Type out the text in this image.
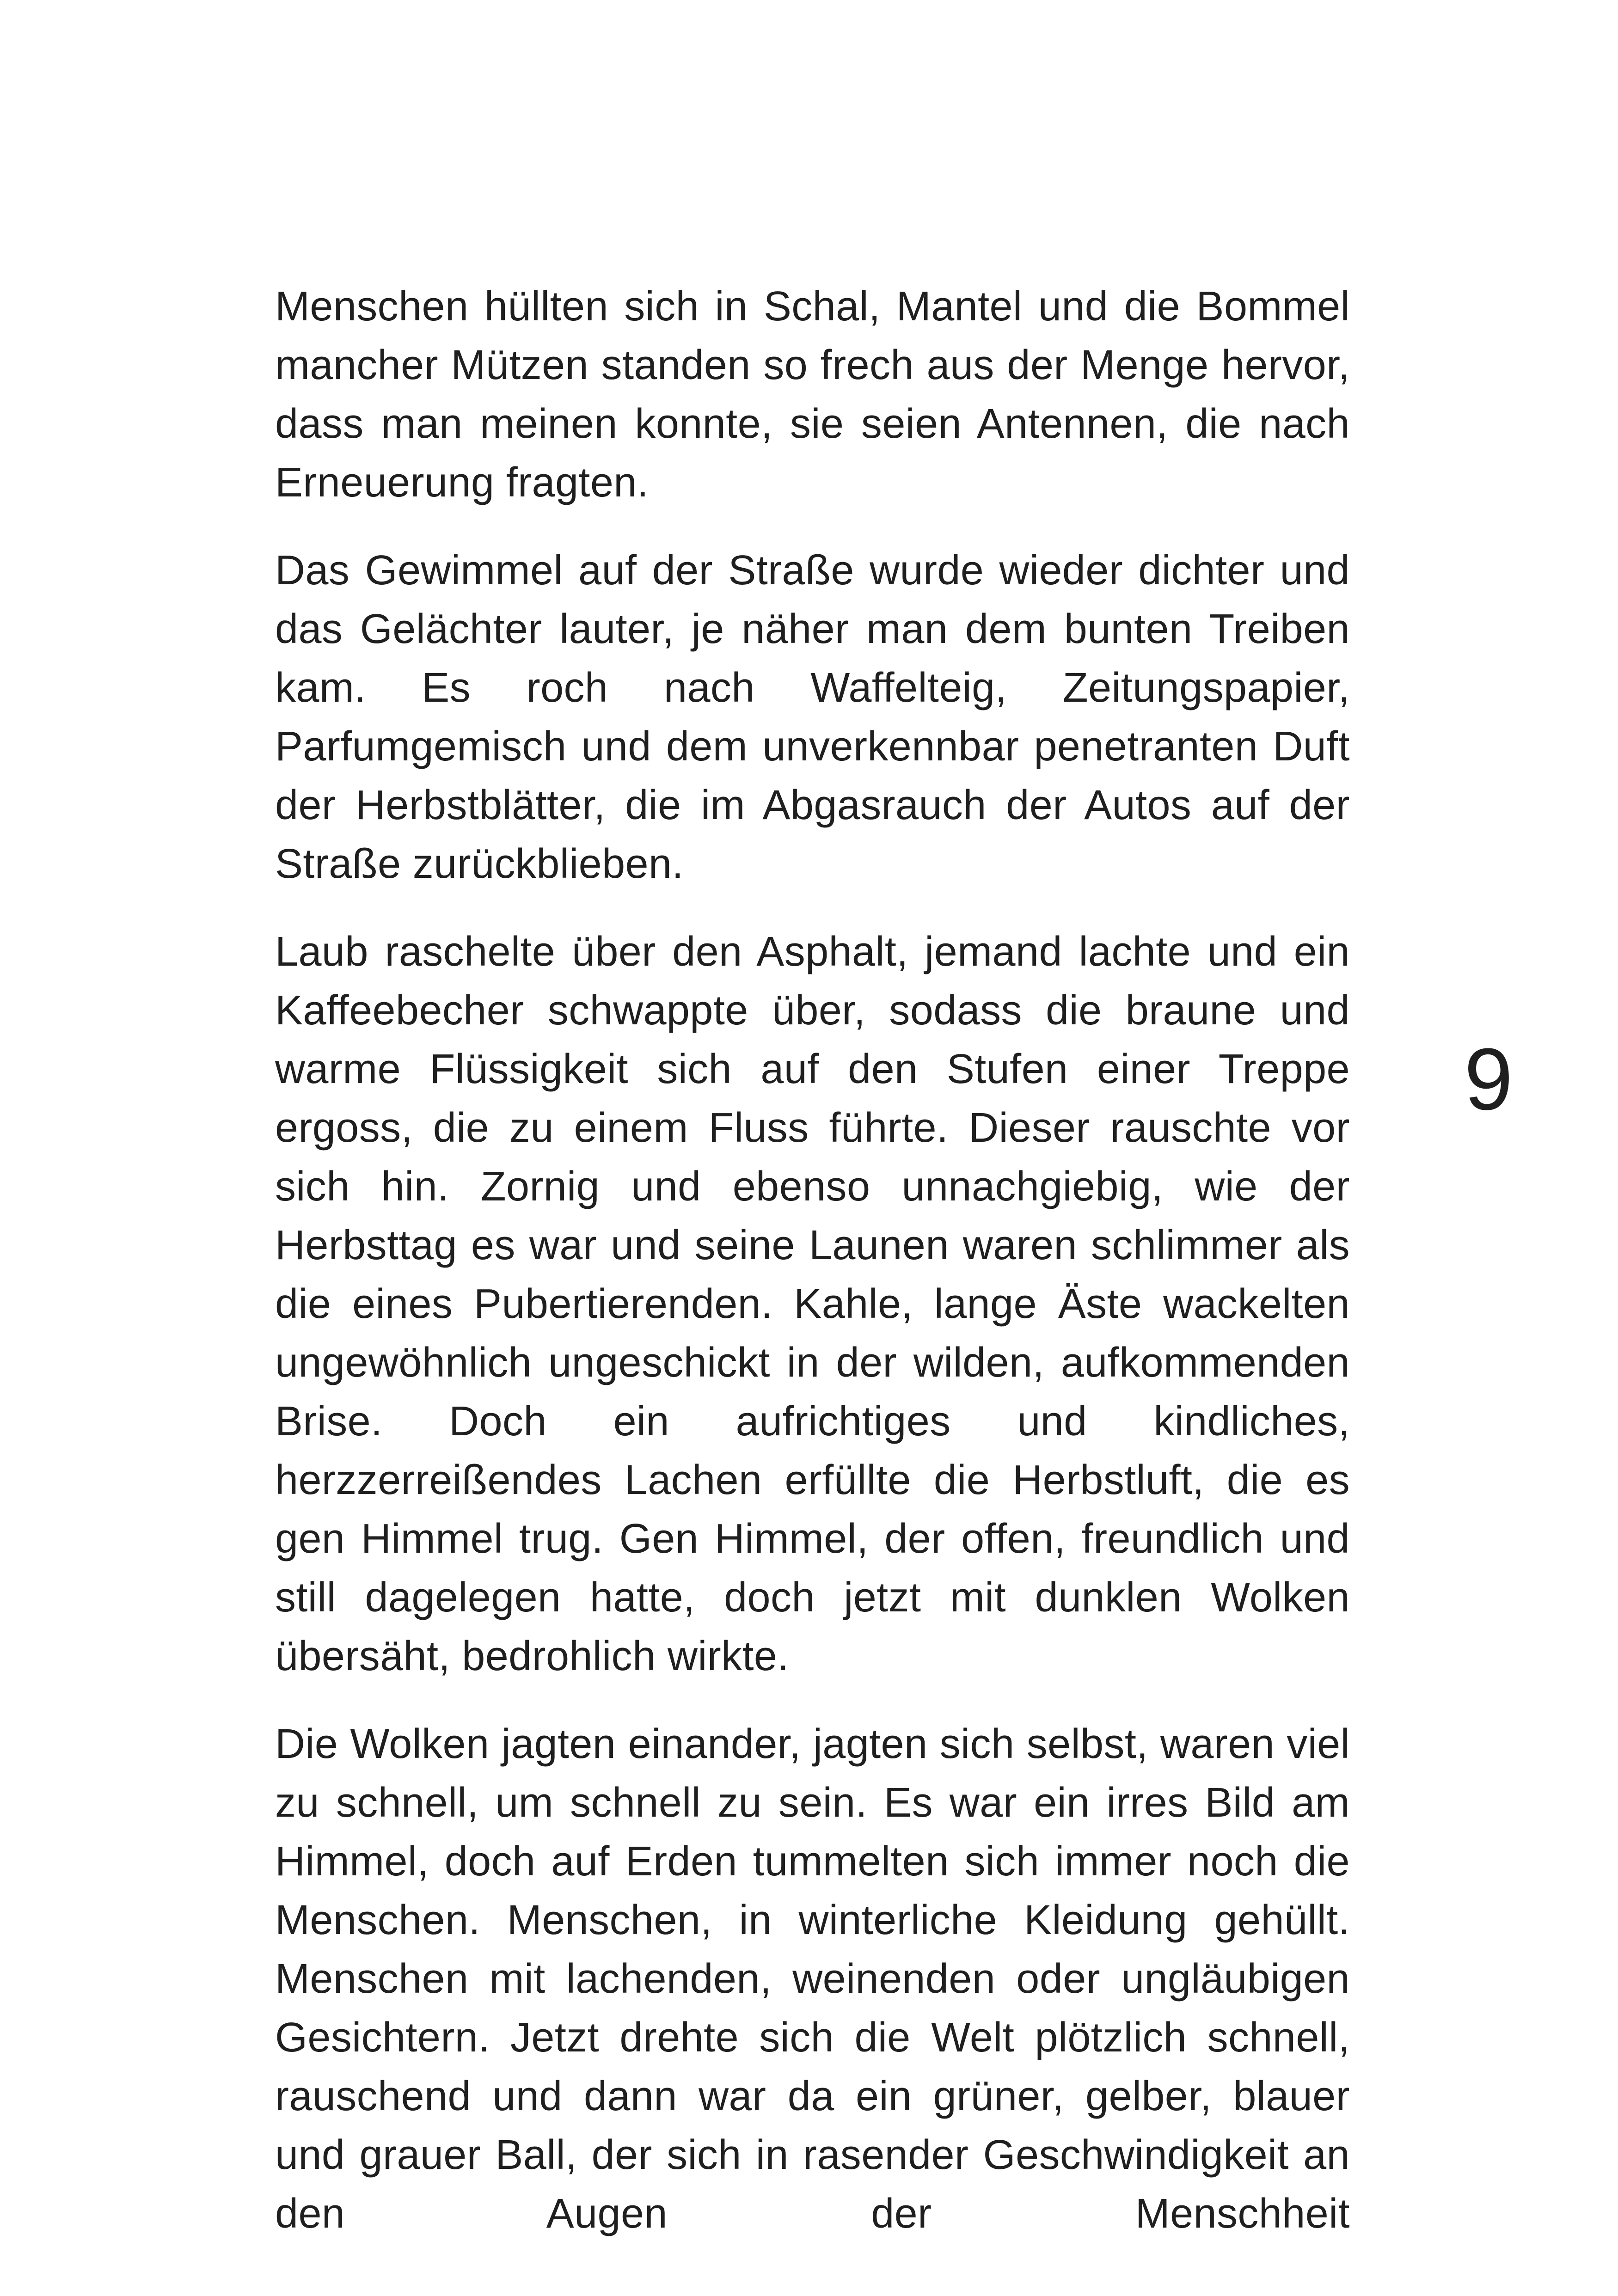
Menschen hüllten sich in Schal, Mantel und die Bommel mancher Mützen standen so frech aus der Menge hervor, dass man meinen konnte, sie seien Antennen, die nach Erneuerung fragten.

Das Gewimmel auf der Straße wurde wieder dichter und das Gelächter lauter, je näher man dem bunten Treiben kam. Es roch nach Waffelteig, Zeitungspapier, Parfumgemisch und dem unverkennbar penetranten Duft der Herbstblätter, die im Abgasrauch der Autos auf der Straße zurückblieben.

Laub raschelte über den Asphalt, jemand lachte und ein Kaffeebecher schwappte über, sodass die braune und warme Flüssigkeit sich auf den Stufen einer Treppe ergoss, die zu einem Fluss führte. Dieser rauschte vor sich hin. Zornig und ebenso unnachgiebig, wie der Herbsttag es war und seine Launen waren schlimmer als die eines Pubertierenden. Kahle, lange Äste wackelten ungewöhnlich ungeschickt in der wilden, aufkommenden Brise. Doch ein aufrichtiges und kindliches, herzzerreißendes Lachen erfüllte die Herbstluft, die es gen Himmel trug. Gen Himmel, der offen, freundlich und still dagelegen hatte, doch jetzt mit dunklen Wolken übersäht, bedrohlich wirkte.

Die Wolken jagten einander, jagten sich selbst, waren viel zu schnell, um schnell zu sein. Es war ein irres Bild am Himmel, doch auf Erden tummelten sich immer noch die Menschen. Menschen, in winterliche Kleidung gehüllt. Menschen mit lachenden, weinenden oder ungläubigen Gesichtern. Jetzt drehte sich die Welt plötzlich schnell, rauschend und dann war da ein grüner, gelber, blauer und grauer Ball, der sich in rasender Geschwindigkeit an den Augen der Menschheit

9
